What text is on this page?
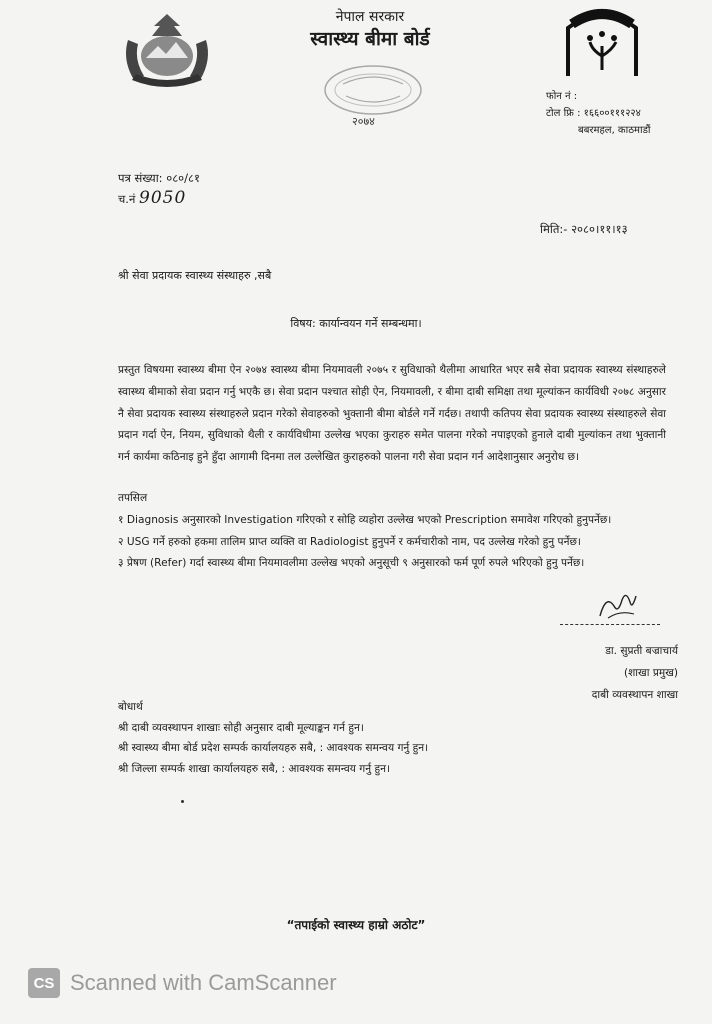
नेपाल सरकार
स्वास्थ्य बीमा बोर्ड
२०७४
फोन नं :
टोल फ्रि : १६६००१११२२४
बबरमहल, काठमाडौं
पत्र संख्या: ०८०/८१
च.नं 9050
मिति:- २०८०।११।१३
श्री सेवा प्रदायक स्वास्थ्य संस्थाहरु ,सबै
विषय: कार्यान्वयन गर्ने सम्बन्धमा।
प्रस्तुत विषयमा स्वास्थ्य बीमा ऐन २०७४ स्वास्थ्य बीमा नियमावली २०७५ र सुविधाको थैलीमा आधारित भएर सबै सेवा प्रदायक स्वास्थ्य संस्थाहरुले स्वास्थ्य बीमाको सेवा प्रदान गर्नु भएकै छ। सेवा प्रदान पश्चात सोही ऐन, नियमावली, र बीमा दाबी समिक्षा तथा मूल्यांकन कार्यविधी २०७८ अनुसार नै सेवा प्रदायक स्वास्थ्य संस्थाहरुले प्रदान गरेको सेवाहरुको भुक्तानी बीमा बोर्डले गर्ने गर्दछ। तथापी कतिपय सेवा प्रदायक स्वास्थ्य संस्थाहरुले सेवा प्रदान गर्दा ऐन, नियम, सुविधाको थैली र कार्यविधीमा उल्लेख भएका कुराहरु समेत पालना गरेको नपाइएको हुनाले दाबी मुल्यांकन तथा भुक्तानी गर्न कार्यमा कठिनाइ हुने हुँदा आगामी दिनमा तल उल्लेखित कुराहरुको पालना गरी सेवा प्रदान गर्न आदेशानुसार अनुरोध छ।
तपसिल

१ Diagnosis अनुसारको Investigation गरिएको र सोहि व्यहोरा उल्लेख भएको Prescription समावेश गरिएको हुनुपर्नेछ।

२ USG गर्ने हरुको हकमा तालिम प्राप्त व्यक्ति वा Radiologist हुनुपर्ने र कर्मचारीको नाम, पद उल्लेख गरेको हुनु पर्नेछ।

३ प्रेषण (Refer) गर्दा स्वास्थ्य बीमा नियमावलीमा उल्लेख भएको अनुसूची ९ अनुसारको फर्म पूर्ण रुपले भरिएको हुनु पर्नेछ।

डा. सुप्रती बज्राचार्य
(शाखा प्रमुख)
दाबी व्यवस्थापन शाखा
बोधार्थ
श्री दाबी व्यवस्थापन शाखाः सोही अनुसार दाबी मूल्याङ्कन गर्न हुन।
श्री स्वास्थ्य बीमा बोर्ड प्रदेश सम्पर्क कार्यालयहरु सबै, : आवश्यक समन्वय गर्नु हुन।
श्री जिल्ला सम्पर्क शाखा कार्यालयहरु सबै, : आवश्यक समन्वय गर्नु हुन।
“तपाईको स्वास्थ्य हाम्रो अठोट”
CS Scanned with CamScanner
